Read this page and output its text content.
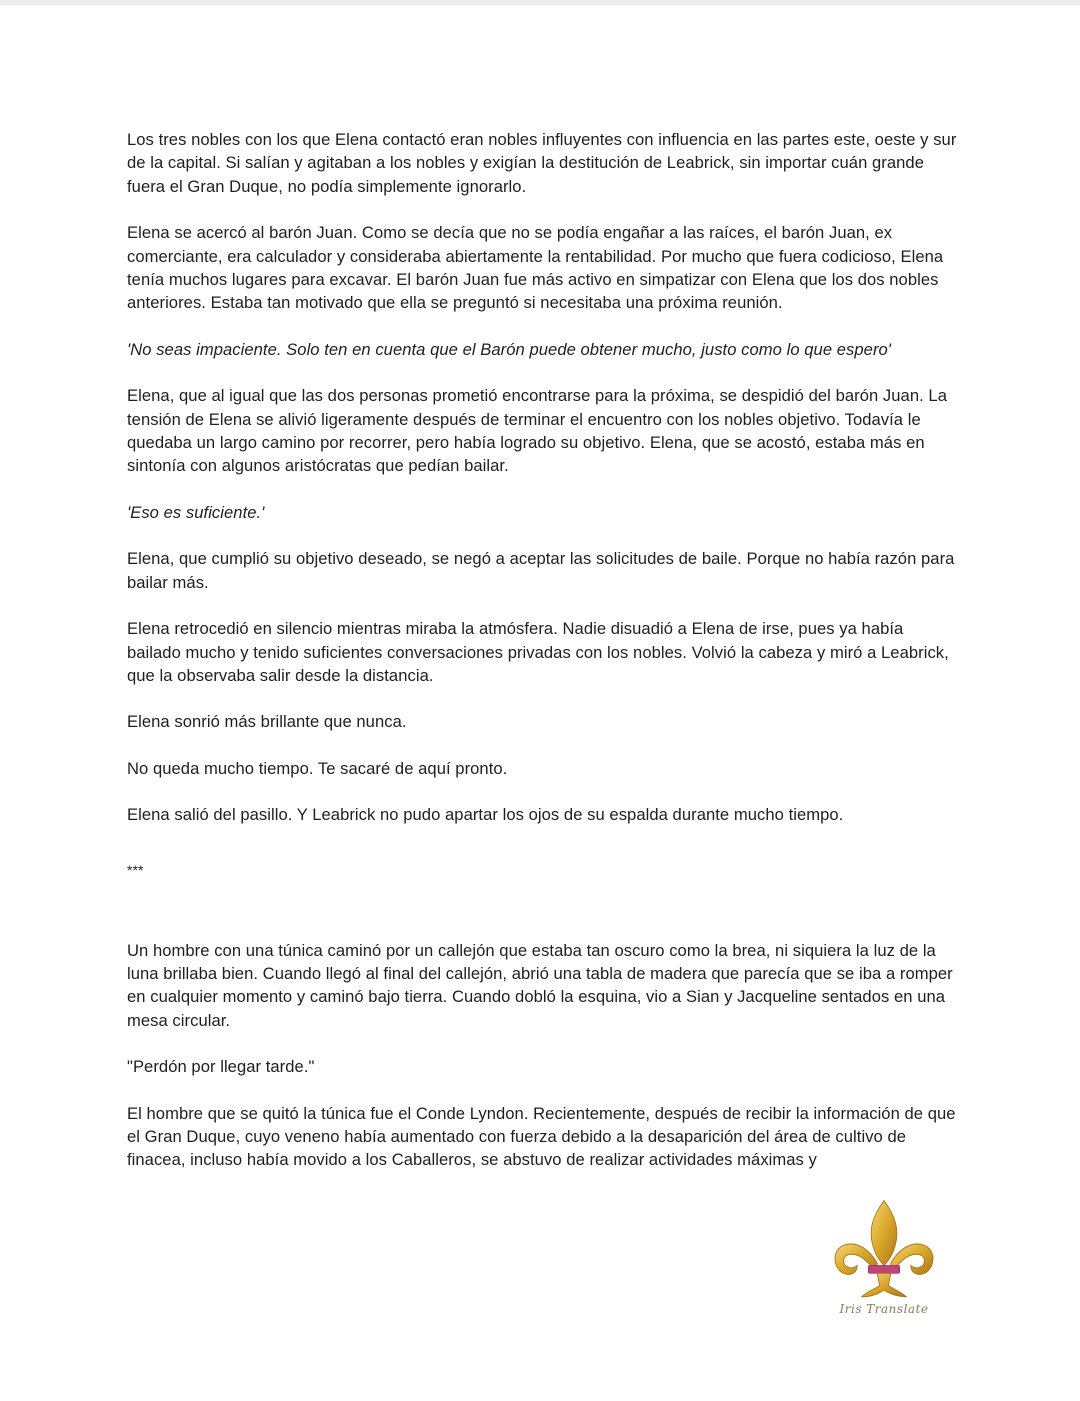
Los tres nobles con los que Elena contactó eran nobles influyentes con influencia en las partes este, oeste y sur de la capital. Si salían y agitaban a los nobles y exigían la destitución de Leabrick, sin importar cuán grande fuera el Gran Duque, no podía simplemente ignorarlo.

Elena se acercó al barón Juan. Como se decía que no se podía engañar a las raíces, el barón Juan, ex comerciante, era calculador y consideraba abiertamente la rentabilidad. Por mucho que fuera codicioso, Elena tenía muchos lugares para excavar. El barón Juan fue más activo en simpatizar con Elena que los dos nobles anteriores. Estaba tan motivado que ella se preguntó si necesitaba una próxima reunión.

'No seas impaciente. Solo ten en cuenta que el Barón puede obtener mucho, justo como lo que espero'

Elena, que al igual que las dos personas prometió encontrarse para la próxima, se despidió del barón Juan. La tensión de Elena se alivió ligeramente después de terminar el encuentro con los nobles objetivo. Todavía le quedaba un largo camino por recorrer, pero había logrado su objetivo. Elena, que se acostó, estaba más en sintonía con algunos aristócratas que pedían bailar.

'Eso es suficiente.'

Elena, que cumplió su objetivo deseado, se negó a aceptar las solicitudes de baile. Porque no había razón para bailar más.

Elena retrocedió en silencio mientras miraba la atmósfera. Nadie disuadió a Elena de irse, pues ya había bailado mucho y tenido suficientes conversaciones privadas con los nobles. Volvió la cabeza y miró a Leabrick, que la observaba salir desde la distancia.

Elena sonrió más brillante que nunca.

No queda mucho tiempo. Te sacaré de aquí pronto.

Elena salió del pasillo. Y Leabrick no pudo apartar los ojos de su espalda durante mucho tiempo.

***

Un hombre con una túnica caminó por un callejón que estaba tan oscuro como la brea, ni siquiera la luz de la luna brillaba bien. Cuando llegó al final del callejón, abrió una tabla de madera que parecía que se iba a romper en cualquier momento y caminó bajo tierra. Cuando dobló la esquina, vio a Sian y Jacqueline sentados en una mesa circular.

"Perdón por llegar tarde."

El hombre que se quitó la túnica fue el Conde Lyndon. Recientemente, después de recibir la información de que el Gran Duque, cuyo veneno había aumentado con fuerza debido a la desaparición del área de cultivo de finacea, incluso había movido a los Caballeros, se abstuvo de realizar actividades máximas y

Iris Translate
